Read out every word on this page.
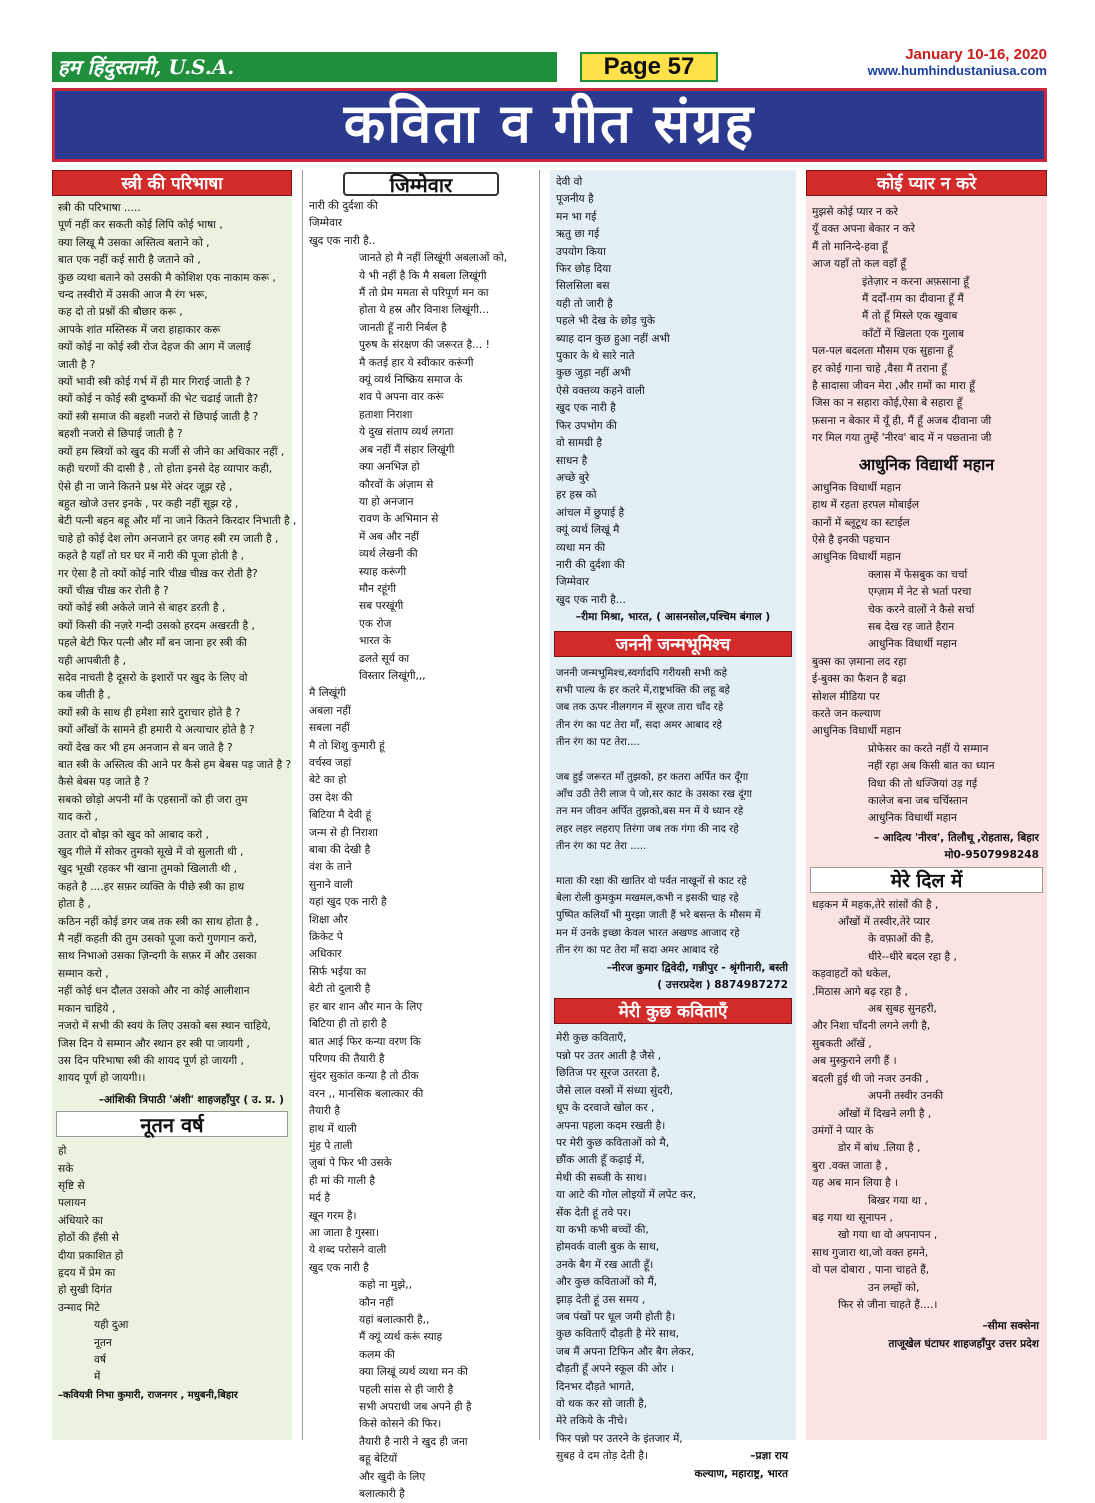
हम हिंदुस्तानी, U.S.A.	Page 57	January 10-16, 2020
www.humhindustaniusa.com
कविता व गीत संग्रह
स्त्री की परिभाषा
स्त्री की परिभाषा .....
पूर्ण नहीं कर सकती कोई लिपि कोई भाषा ,
क्या लिखू मै उसका अस्तित्व बताने को ,
बात एक नहीं कई सारी है जताने को ,
कुछ व्यथा बताने को उसकी मै कोशिश एक नाकाम करू ,
चन्द तस्वीरो में उसकी आज मै रंग भरू,
कह दो तो प्रश्नों की बौछार करू ,
आपके शांत मस्तिस्क में जरा हाहाकार करू
क्यों कोई ना कोई स्त्री रोज देहज की आग में जलाई
जाती है ?
क्यों भावी स्त्री कोई गर्भ में ही मार गिराई जाती है ?
क्यों कोई न कोई स्त्री दुष्कर्मो की भेट चढाई जाती है?
क्यों स्त्री समाज की बहशी नजरो से छिपाई जाती है ?
बहशी नजरो से छिपाई जाती है ?
क्यों हम स्त्रियों को खुद की मर्जी से जीने का अधिकार नहीं ,
कही चरणों की दासी है , तो होता इनसे देह व्यापार कही,
ऐसे ही ना जाने कितने प्रश्न मेरे अंदर जूझ रहे ,
बहुत खोजे उत्तर इनके , पर कही नहीं सूझ रहे ,
बेटी पत्नी बहन बहू और माँ ना जाने कितने किरदार निभाती है ,
चाहे हो कोई देश लोग अनजाने हर जगह स्त्री रम जाती है ,
कहते है यहाँ तो घर घर में नारी की पूजा होती है ,
गर ऐसा है तो क्यों कोई नारि चीख़ चीख़ कर रोती है?
क्यों चीख़ चीख़ कर रोती है ?
क्यों कोई स्त्री अकेले जाने से बाहर डरती है ,
क्यों किसी की नज़रे गन्दी उसको हरदम अखरती है ,
पहले बेटी फिर पत्नी और माँ बन जाना हर स्त्री की
यही आपबीती है ,
सदेव नाचती है दूसरो के इशारों पर खुद के लिए वो
कब जीती है ,
क्यों स्त्री के साथ ही हमेशा सारे दुराचार होते है ?
क्यों आँखों के सामने ही हमारी ये अत्याचार होते है ?
क्यों देख कर भी हम अनजान से बन जाते है ?
बात स्त्री के अस्तित्व की आने पर कैसे हम बेबस पड़ जाते है ?
कैसे बेबस पड़ जाते है ?
सबको छोड़ो अपनी माँ के एहसानों को ही जरा तुम
याद करो ,
उतार दो बोझ को खुद को आबाद करो ,
खुद गीले में सोकर तुमको सूखे में वो सुलाती थी ,
खुद भूखी रहकर भी खाना तुमको खिलाती थी ,
कहते है ....हर सफ़र व्यक्ति के पीछे स्त्री का हाथ
होता है ,
कठिन नहीं कोई डगर जब तक स्त्री का साथ होता है ,
मै नहीं कहती की तुम उसको पूजा करो गुणगान करो,
साथ निभाओ उसका ज़िन्दगी के सफ़र में और उसका
सम्मान करो ,
नहीं कोई धन दौलत उसको और ना कोई आलीशान
मकान चाहिये ,
नजरो में सभी की स्वयं के लिए उसको बस स्थान चाहिये,
जिस दिन ये सम्मान और स्थान हर स्त्री पा जायगी ,
उस दिन परिभाषा स्त्री की शायद पूर्ण हो जायगी ,
शायद पूर्ण हो जायगी।।
–आंशिकी त्रिपाठी 'अंशी' शाहजहाँपुर ( उ. प्र. )
नूतन वर्ष
हो
सके
सृष्टि से
पलायन
अंधियारे का
होठों की हँसी से
दीया प्रकाशित हो
हृदय में प्रेम का
हो सुखी दिगंत
उन्माद मिटे
यही दुआ
नूतन
वर्ष
में
–कवियत्री निभा कुमारी, राजनगर , मधुबनी,बिहार
जिम्मेवार
नारी की दुर्दशा की
जिम्मेवार
खुद एक नारी है..
जानते हो मै नहीं लिखूंगी अबलाओं को,
ये भी नहीं है कि मै सबला लिखूंगी
मैं तो प्रेम ममता से परिपूर्ण मन का
होता ये हस्र और विनाश लिखूंगी...
जानती हूँ नारी निर्बल है
पुरुष के संरक्षण की जरूरत है... !
मै कतई हार ये स्वीकार करूंगी
क्यूं व्यर्थ निष्क्रिय समाज के
शव पे अपना वार करूं
हताशा निराशा
ये दुख संताप व्यर्थ लगता
अब नहीं मैं संहार लिखूंगी
क्या अनभिज्ञ हो
कौरवों के अंज़ाम से
या हो अनजान
रावण के अभिमान से
में अब और नहीं
व्यर्थ लेखनी की
स्याह करूंगी
मौन रहूंगी
सब परखूंगी
एक रोज
भारत के
ढलते सूर्य का
विस्तार लिखूंगी,,,
मै लिखूंगी
अबला नहीं
सबला नहीं
मै तो शिशु कुमारी हूं
वर्चस्व जहां
बेटे का हो
उस देश की
बिटिया मै देवी हूं
जन्म से ही निराशा
बाबा की देखी है
वंश के ताने
सुनाने वाली
यहां खुद एक नारी है
शिक्षा और
क्रिकेट पे
अधिकार
सिर्फ भईया का
बेटी तो दुलारी है
हर बार शान और मान के लिए
बिटिया ही तो हारी है
बात आई फिर कन्या वरण कि
परिणय की तैयारी है
सुंदर सुकांत कन्या है तो ठीक
वरन ,, मानसिक बलात्कार की
तैयारी है
हाथ में थाली
मुंह पे ताली
ज़ुबां पे फिर भी उसके
ही मां की गाली है
मर्द है
खून गरम है।
आ जाता है गुस्सा।
ये शब्द परोसने वाली
खुद एक नारी है
कहो ना मुझे,,
कौन नहीं
यहां बलात्कारी है,,
मैं क्यूं व्यर्थ करूं स्याह
कलम की
क्या लिखूं व्यर्थ व्यथा मन की
पहली सांस से ही जारी है
सभी अपराधी जब अपने ही है
किसे कोसने की फिर।
तैयारी है नारी ने खुद ही जना
बहू बेटियों
और खुदी के लिए
बलात्कारी है
देवी वो
पूजनीय है
मन भा गई
ऋतु छा गई
उपयोग किया
फिर छोड़ दिया
सिलसिला बस
यही तो जारी है
पहले भी देख के छोड़ चुके
ब्याह दान कुछ हुआ नहीं अभी
पुकार के थे सारे नाते
कुछ जुड़ा नहीं अभी
ऐसे वक्तव्य कहने वाली
खुद एक नारी है
फिर उपभोग की
वो सामग्री है
साधन है
अच्छे बुरे
हर हस्र को
आंचल में छुपाई है
क्यूं व्यर्थ लिखूं मै
व्यथा मन की
नारी की दुर्दशा की
जिम्मेवार
खुद एक नारी है...
–रीमा मिश्रा, भारत, ( आसनसोल,पश्चिम बंगाल )
जननी जन्मभूमिश्च
जननी जन्मभूमिश्च,स्वर्गादपि गरीयसी सभी कहे
सभी पाल्य के हर कतरे में,राष्ट्रभक्ति की लहू बहे
जब तक ऊपर नीलगगन में सूरज तारा चाँद रहे
तीन रंग का पट तेरा माँ, सदा अमर आबाद रहे
तीन रंग का पट तेरा....
जब हुई जरूरत माँ तुझको, हर कतरा अर्पित कर दूँगा
आँच उठी तेरी लाज पे जो,सर काट के उसका रख दूंगा
तन मन जीवन अर्पित तुझको,बस मन में ये ध्यान रहे
लहर लहर लहराए तिरंगा जब तक गंगा की नाद रहे
तीन रंग का पट तेरा .....
माता की रक्षा की खातिर वो पर्वत नाखूनों से काट रहे
बेला रोली कुमकुम मखमल,कभी न इसकी चाह रहे
पुष्पित कलियाँ भी मुरझा जाती हैं भरे बसन्त के मौसम में
मन में उनके इच्छा केवल भारत अखण्ड आजाद रहे
तीन रंग का पट तेरा माँ सदा अमर आबाद रहे
–नीरज कुमार द्विवेदी, गन्नीपुर - श्रृंगीनारी, बस्ती
( उत्तरप्रदेश ) 8874987272
मेरी कुछ कविताएँ
मेरी कुछ कविताएँ,
पन्नो पर उतर आती है जैसे ,
छितिज पर सूरज उतरता है,
जैसे लाल वस्त्रों में संध्या सुंदरी,
धूप के दरवाजे खोल कर ,
अपना पहला कदम रखती है।
पर मेरी कुछ कविताओं को मै,
छौंक आती हूँ कढ़ाई में,
मेथी की सब्जी के साथ।
या आटे की गोल लोइयों में लपेट कर,
सेंक देती हूं तवे पर।
या कभी कभी बच्चों की,
होमवर्क वाली बुक के साथ,
उनके बैग में रख आती हूँ।
और कुछ कविताओं को मैं,
झाड़ देती हूं उस समय ,
जब पंखों पर धूल जमी होती है।
कुछ कविताएँ दौड़ती है मेरे साथ,
जब मैं अपना टिफिन और बैग लेकर,
दौड़ती हूँ अपने स्कूल की ओर ।
दिनभर दौड़ते भागते,
वो थक कर सो जाती है,
मेरे तकिये के नीचे।
फिर पन्नो पर उतरने के इंतजार में,
सुबह वे दम तोड़ देती है।	–प्रज्ञा राय
कल्याण, महाराष्ट्र, भारत
कोई प्यार न करे
मुझसे कोई प्यार न करे
यूँ वक्त अपना बेकार न करे
मैं तो मानिन्दे-हवा हूँ
आज यहाँ तो कल वहाँ हूँ
इंतेज़ार न करना अफ़साना हूँ
मैं दर्दों-ग़म का दीवाना हूँ मैं
मैं तो हूँ मिस्ले एक खुवाब
काँटों में खिलता एक गुलाब
पल-पल बदलता मौसम एक सुहाना हूँ
हर कोई गाना चाहे ,वैसा मैं तराना हूँ
है सादासा जीवन मेरा ,और ग़मों का मारा हूँ
जिस का न सहारा कोई,ऐसा बे सहारा हूँ
फ़सना न बेकार में यूँ ही, मैं हूँ अजब दीवाना जी
गर मिल गया तुम्हें 'नीरव' बाद में न पछ्ताना जी
आधुनिक विद्यार्थी महान
आधुनिक विधार्थी महान
हाथ में रहता हरपल मोबाईल
कानों में ब्लूटूथ का स्टाईल
ऐसे है इनकी पहचान
आधुनिक विधार्थी महान
क्लास में फेसबुक का चर्चा
एग्ज़ाम में नेट से भर्ता परचा
चेक करने वालों ने कैसे सर्चा
सब देख रह जाते हैरान
आधुनिक विधार्थी महान
बुक्स का ज़माना लद रहा
ई-बुक्स का फैशन है बढ़ा
सोशल मीडिया पर
करते जन कल्याण
आधुनिक विधार्थी महान
प्रोफेसर का करते नहीं ये सम्मान
नहीं रहा अब किसी बात का ध्यान
विधा की तो धज्जियां उड़ गई
कालेज बना जब चर्चिस्तान
आधुनिक विधार्थी महान
– आदित्य 'नीरव', तिलौथू ,रोहतास, बिहार
मो0-9507998248
मेरे दिल में
धड़कन में महक,तेरे सांसों की है ,
आँखों में तस्वीर,तेरे प्यार
के वफ़ाओं की है,
धीरे--धीरे बदल रहा है ,
कड़वाहटों को धकेल,
.मिठास आगे बढ़ रहा है ,
अब सुबह सुनहरी,
और निशा चाँदनी लगने लगी है,
सुबकती आँखें ,
अब मुस्कुराने लगी हैं ।
बदली हुई थी जो नजर उनकी ,
अपनी तस्वीर उनकी
आँखों में दिखने लगी है ,
उमंगों ने प्यार के
डोर में बांध .लिया है ,
बुरा .वक्त जाता है ,
यह अब मान लिया है ।
बिखर गया था ,
बढ़ गया था सूनापन ,
खो गया था वो अपनापन ,
साथ गुजारा था,जो वक्त हमने,
वो पल दोबारा , पाना चाहते हैं,
उन लम्हों को,
फिर से जीना चाहते हैं....।
–सीमा सक्सेना
ताजूखेल घंटाघर शाहजहाँपुर उत्तर प्रदेश
